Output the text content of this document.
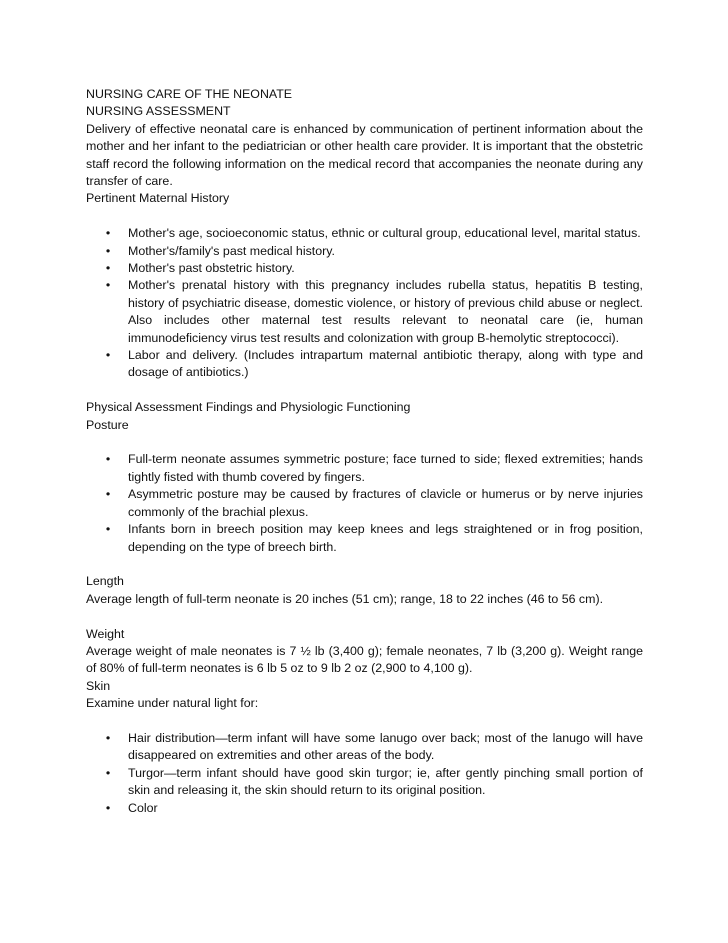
NURSING CARE OF THE NEONATE
NURSING ASSESSMENT

Delivery of effective neonatal care is enhanced by communication of pertinent information about the mother and her infant to the pediatrician or other health care provider. It is important that the obstetric staff record the following information on the medical record that accompanies the neonate during any transfer of care.

Pertinent Maternal History
• Mother's age, socioeconomic status, ethnic or cultural group, educational level, marital status.
• Mother's/family's past medical history.
• Mother's past obstetric history.
• Mother's prenatal history with this pregnancy includes rubella status, hepatitis B testing, history of psychiatric disease, domestic violence, or history of previous child abuse or neglect. Also includes other maternal test results relevant to neonatal care (ie, human immunodeficiency virus test results and colonization with group B-hemolytic streptococci).
• Labor and delivery. (Includes intrapartum maternal antibiotic therapy, along with type and dosage of antibiotics.)
Physical Assessment Findings and Physiologic Functioning
Posture
• Full-term neonate assumes symmetric posture; face turned to side; flexed extremities; hands tightly fisted with thumb covered by fingers.
• Asymmetric posture may be caused by fractures of clavicle or humerus or by nerve injuries commonly of the brachial plexus.
• Infants born in breech position may keep knees and legs straightened or in frog position, depending on the type of breech birth.
Length

Average length of full-term neonate is 20 inches (51 cm); range, 18 to 22 inches (46 to 56 cm).

Weight

Average weight of male neonates is 7 ½ lb (3,400 g); female neonates, 7 lb (3,200 g). Weight range of 80% of full-term neonates is 6 lb 5 oz to 9 lb 2 oz (2,900 to 4,100 g).

Skin
Examine under natural light for:
• Hair distribution—term infant will have some lanugo over back; most of the lanugo will have disappeared on extremities and other areas of the body.
• Turgor—term infant should have good skin turgor; ie, after gently pinching small portion of skin and releasing it, the skin should return to its original position.
• Color
